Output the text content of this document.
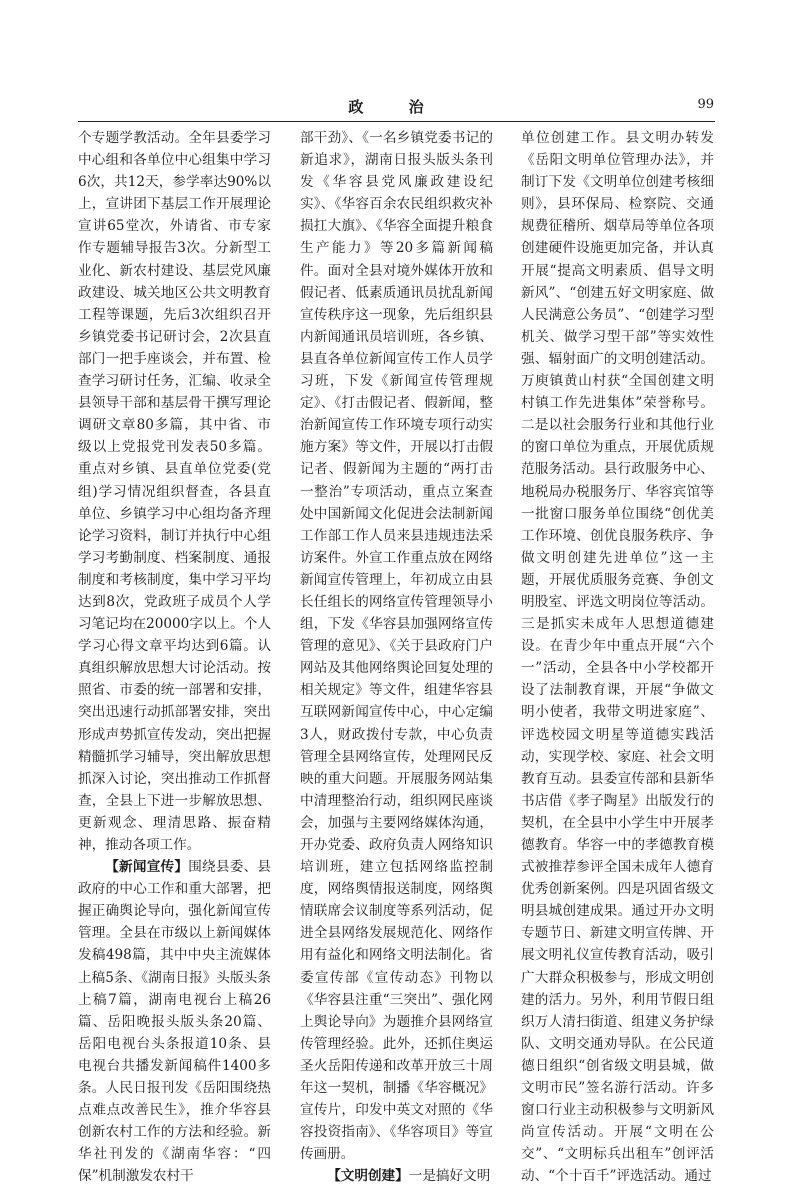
政 治	99

个专题学教活动。全年县委学习中心组和各单位中心组集中学习6次，共12天，参学率达90%以上，宣讲团下基层工作开展理论宣讲65堂次，外请省、市专家作专题辅导报告3次。分新型工业化、新农村建设、基层党风廉政建设、城关地区公共文明教育工程等课题，先后3次组织召开乡镇党委书记研讨会，2次县直部门一把手座谈会，并布置、检查学习研讨任务，汇编、收录全县领导干部和基层骨干撰写理论调研文章80多篇，其中省、市级以上党报党刊发表50多篇。重点对乡镇、县直单位党委(党组)学习情况组织督查，各县直单位、乡镇学习中心组均备齐理论学习资料，制订并执行中心组学习考勤制度、档案制度、通报制度和考核制度，集中学习平均达到8次，党政班子成员个人学习笔记均在20000字以上。个人学习心得文章平均达到6篇。认真组织解放思想大讨论活动。按照省、市委的统一部署和安排，突出迅速行动抓部署安排，突出形成声势抓宣传发动，突出把握精髓抓学习辅导，突出解放思想抓深入讨论，突出推动工作抓督查，全县上下进一步解放思想、更新观念、理清思路、振奋精神，推动各项工作。

【新闻宣传】围绕县委、县政府的中心工作和重大部署，把握正确舆论导向，强化新闻宣传管理。全县在市级以上新闻媒体发稿498篇，其中中央主流媒体上稿5条、《湖南日报》头版头条上稿7篇，湖南电视台上稿26篇、岳阳晚报头版头条20篇、岳阳电视台头条报道10条、县电视台共播发新闻稿件1400多条。人民日报刊发《岳阳围绕热点难点改善民生》，推介华容县创新农村工作的方法和经验。新华社刊发的《湖南华容：“四保”机制激发农村干

部干劲》、《一名乡镇党委书记的新追求》，湖南日报头版头条刊发《华容县党风廉政建设纪实》、《华容百余农民组织救灾补损扛大旗》、《华容全面提升粮食生产能力》等20多篇新闻稿件。面对全县对境外媒体开放和假记者、低素质通讯员扰乱新闻宣传秩序这一现象，先后组织县内新闻通讯员培训班，各乡镇、县直各单位新闻宣传工作人员学习班，下发《新闻宣传管理规定》、《打击假记者、假新闻，整治新闻宣传工作环境专项行动实施方案》等文件，开展以打击假记者、假新闻为主题的“两打击一整治”专项活动，重点立案查处中国新闻文化促进会法制新闻工作部工作人员来县违规违法采访案件。外宣工作重点放在网络新闻宣传管理上，年初成立由县长任组长的网络宣传管理领导小组，下发《华容县加强网络宣传管理的意见》、《关于县政府门户网站及其他网络舆论回复处理的相关规定》等文件，组建华容县互联网新闻宣传中心，中心定编3人，财政拨付专款，中心负责管理全县网络宣传，处理网民反映的重大问题。开展服务网站集中清理整治行动，组织网民座谈会，加强与主要网络媒体沟通，开办党委、政府负责人网络知识培训班，建立包括网络监控制度，网络舆情报送制度，网络舆情联席会议制度等系列活动，促进全县网络发展规范化、网络作用有益化和网络文明法制化。省委宣传部《宣传动态》刊物以《华容县注重“三突出”、强化网上舆论导向》为题推介县网络宣传管理经验。此外，还抓住奥运圣火岳阳传递和改革开放三十周年这一契机，制播《华容概况》宣传片，印发中英文对照的《华容投资指南》、《华容项目》等宣传画册。

【文明创建】一是搞好文明

单位创建工作。县文明办转发《岳阳文明单位管理办法》，并制订下发《文明单位创建考核细则》，县环保局、检察院、交通规费征稽所、烟草局等单位各项创建硬件设施更加完备，并认真开展“提高文明素质、倡导文明新风”、“创建五好文明家庭、做人民满意公务员”、“创建学习型机关、做学习型干部”等实效性强、辐射面广的文明创建活动。万庾镇黄山村获“全国创建文明村镇工作先进集体”荣誉称号。二是以社会服务行业和其他行业的窗口单位为重点，开展优质规范服务活动。县行政服务中心、地税局办税服务厅、华容宾馆等一批窗口服务单位围绕“创优美工作环境、创优良服务秩序、争做文明创建先进单位”这一主题，开展优质服务竞赛、争创文明股室、评选文明岗位等活动。三是抓实未成年人思想道德建设。在青少年中重点开展“六个一”活动，全县各中小学校都开设了法制教育课，开展“争做文明小使者，我带文明进家庭”、评选校园文明星等道德实践活动，实现学校、家庭、社会文明教育互动。县委宣传部和县新华书店借《孝子陶星》出版发行的契机，在全县中小学生中开展孝德教育。华容一中的孝德教育模式被推荐参评全国未成年人德育优秀创新案例。四是巩固省级文明县城创建成果。通过开办文明专题节日、新建文明宣传牌、开展文明礼仪宣传教育活动，吸引广大群众积极参与，形成文明创建的活力。另外，利用节假日组织万人清扫街道、组建义务护绿队、文明交通劝导队。在公民道德日组织“创省级文明县城，做文明市民”签名游行活动。许多窗口行业主动积极参与文明新风尚宣传活动。开展“文明在公交”、“文明标兵出租车”创评活动、“个十百千”评选活动。通过
